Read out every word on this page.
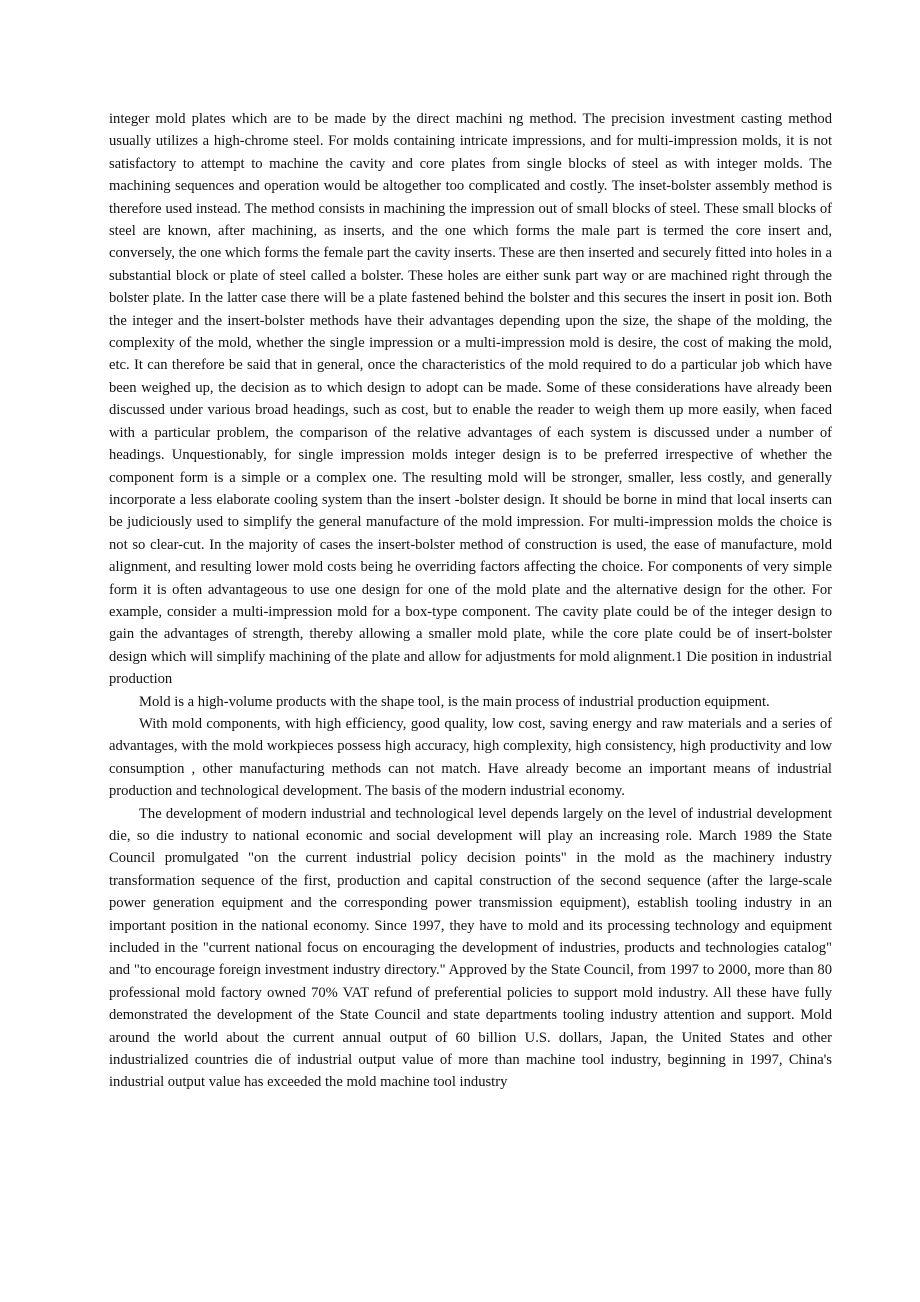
integer mold plates which are to be made by the direct machini ng method. The precision investment casting method usually utilizes a high-chrome steel. For molds containing intricate impressions, and for multi-impression molds, it is not satisfactory to attempt to machine the cavity and core plates from single blocks of steel as with integer molds. The machining sequences and operation would be altogether too complicated and costly. The inset-bolster assembly method is therefore used instead. The method consists in machining the impression out of small blocks of steel. These small blocks of steel are known, after machining, as inserts, and the one which forms the male part is termed the core insert and, conversely, the one which forms the female part the cavity inserts. These are then inserted and securely fitted into holes in a substantial block or plate of steel called a bolster. These holes are either sunk part way or are machined right through the bolster plate. In the latter case there will be a plate fastened behind the bolster and this secures the insert in posit ion. Both the integer and the insert-bolster methods have their advantages depending upon the size, the shape of the molding, the complexity of the mold, whether the single impression or a multi-impression mold is desire, the cost of making the mold, etc. It can therefore be said that in general, once the characteristics of the mold required to do a particular job which have been weighed up, the decision as to which design to adopt can be made. Some of these considerations have already been discussed under various broad headings, such as cost, but to enable the reader to weigh them up more easily, when faced with a particular problem, the comparison of the relative advantages of each system is discussed under a number of headings. Unquestionably, for single impression molds integer design is to be preferred irrespective of whether the component form is a simple or a complex one. The resulting mold will be stronger, smaller, less costly, and generally incorporate a less elaborate cooling system than the insert -bolster design. It should be borne in mind that local inserts can be judiciously used to simplify the general manufacture of the mold impression. For multi-impression molds the choice is not so clear-cut. In the majority of cases the insert-bolster method of construction is used, the ease of manufacture, mold alignment, and resulting lower mold costs being he overriding factors affecting the choice. For components of very simple form it is often advantageous to use one design for one of the mold plate and the alternative design for the other. For example, consider a multi-impression mold for a box-type component. The cavity plate could be of the integer design to gain the advantages of strength, thereby allowing a smaller mold plate, while the core plate could be of insert-bolster design which will simplify machining of the plate and allow for adjustments for mold alignment.1 Die position in industrial production

Mold is a high-volume products with the shape tool, is the main process of industrial production equipment.

With mold components, with high efficiency, good quality, low cost, saving energy and raw materials and a series of advantages, with the mold workpieces possess high accuracy, high complexity, high consistency, high productivity and low consumption , other manufacturing methods can not match. Have already become an important means of industrial production and technological development. The basis of the modern industrial economy.

The development of modern industrial and technological level depends largely on the level of industrial development die, so die industry to national economic and social development will play an increasing role. March 1989 the State Council promulgated "on the current industrial policy decision points" in the mold as the machinery industry transformation sequence of the first, production and capital construction of the second sequence (after the large-scale power generation equipment and the corresponding power transmission equipment), establish tooling industry in an important position in the national economy. Since 1997, they have to mold and its processing technology and equipment included in the "current national focus on encouraging the development of industries, products and technologies catalog" and "to encourage foreign investment industry directory." Approved by the State Council, from 1997 to 2000, more than 80 professional mold factory owned 70% VAT refund of preferential policies to support mold industry. All these have fully demonstrated the development of the State Council and state departments tooling industry attention and support. Mold around the world about the current annual output of 60 billion U.S. dollars, Japan, the United States and other industrialized countries die of industrial output value of more than machine tool industry, beginning in 1997, China's industrial output value has exceeded the mold machine tool industry
